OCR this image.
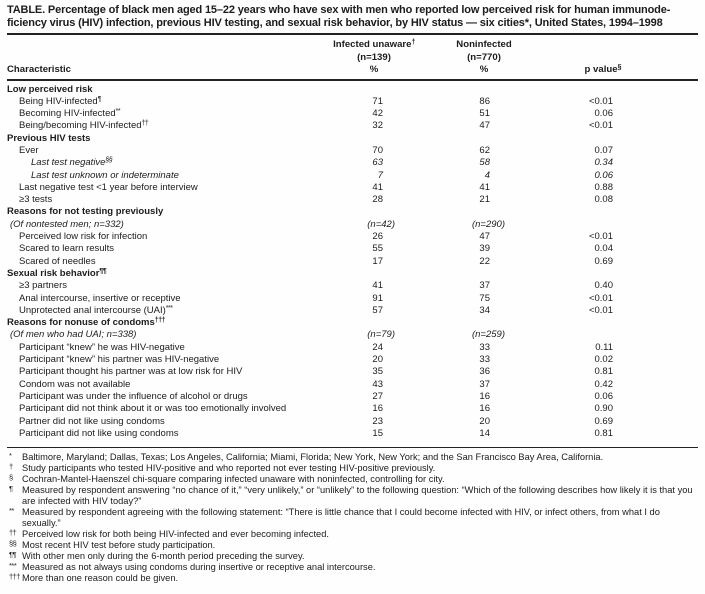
TABLE. Percentage of black men aged 15–22 years who have sex with men who reported low perceived risk for human immunode-
ficiency virus (HIV) infection, previous HIV testing, and sexual risk behavior, by HIV status — six cities*, United States, 1994–1998
Infected unaware†	Noninfected
(n=139)	(n=770)
Characteristic	%	%	p value§
Low perceived risk
Being HIV-infected¶	71	86	<0.01
Becoming HIV-infected**	42	51	0.06
Being/becoming HIV-infected††	32	47	<0.01
Previous HIV tests
Ever	70	62	0.07
Last test negative§§	63	58	0.34
Last test unknown or indeterminate	7	4	0.06
Last negative test <1 year before interview	41	41	0.88
≥3 tests	28	21	0.08
Reasons for not testing previously
(Of nontested men; n=332)	(n=42)	(n=290)
Perceived low risk for infection	26	47	<0.01
Scared to learn results	55	39	0.04
Scared of needles	17	22	0.69
Sexual risk behavior¶¶
≥3 partners	41	37	0.40
Anal intercourse, insertive or receptive	91	75	<0.01
Unprotected anal intercourse (UAI)***	57	34	<0.01
Reasons for nonuse of condoms†††
(Of men who had UAI; n=338)	(n=79)	(n=259)
Participant “knew” he was HIV-negative	24	33	0.11
Participant “knew” his partner was HIV-negative	20	33	0.02
Participant thought his partner was at low risk for HIV	35	36	0.81
Condom was not available	43	37	0.42
Participant was under the influence of alcohol or drugs	27	16	0.06
Participant did not think about it or was too emotionally involved	16	16	0.90
Partner did not like using condoms	23	20	0.69
Participant did not like using condoms	15	14	0.81
* Baltimore, Maryland; Dallas, Texas; Los Angeles, California; Miami, Florida; New York, New York; and the San Francisco Bay Area, California.
† Study participants who tested HIV-positive and who reported not ever testing HIV-positive previously.
§ Cochran-Mantel-Haenszel chi-square comparing infected unaware with noninfected, controlling for city.
¶ Measured by respondent answering “no chance of it,” “very unlikely,” or “unlikely” to the following question: “Which of the following describes how likely it is that you are infected with HIV today?”
** Measured by respondent agreeing with the following statement: “There is little chance that I could become infected with HIV, or infect others, from what I do sexually.”
†† Perceived low risk for both being HIV-infected and ever becoming infected.
§§ Most recent HIV test before study participation.
¶¶ With other men only during the 6-month period preceding the survey.
*** Measured as not always using condoms during insertive or receptive anal intercourse.
††† More than one reason could be given.
